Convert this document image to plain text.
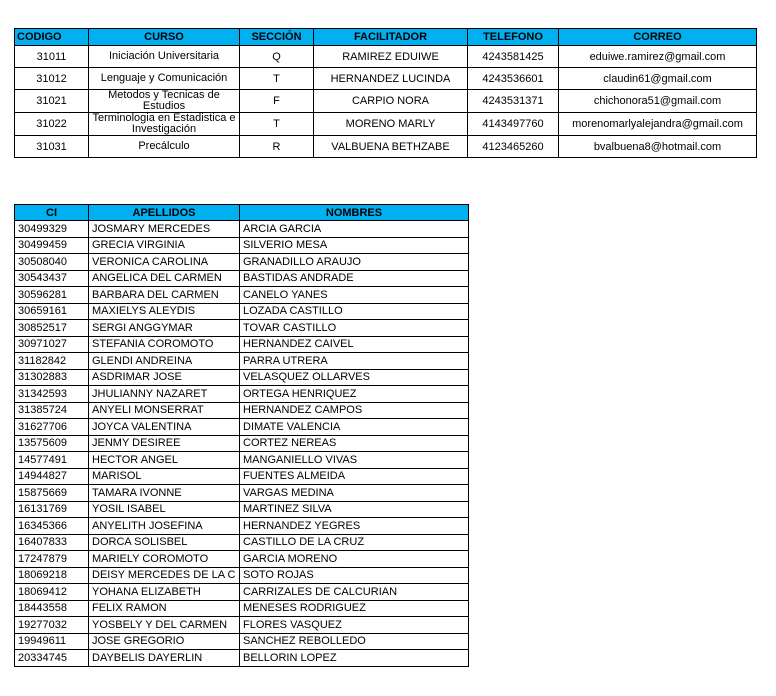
CODIGO	CURSO	SECCIÓN	FACILITADOR	TELEFONO	CORREO
31011	Iniciación Universitaria	Q	RAMIREZ EDUIWE	4243581425	eduiwe.ramirez@gmail.com
31012	Lenguaje y Comunicación	T	HERNANDEZ LUCINDA	4243536601	claudin61@gmail.com
31021	Metodos y Tecnicas de Estudios	F	CARPIO NORA	4243531371	chichonora51@gmail.com
31022	Terminologia en Estadistica e Investigación	T	MORENO MARLY	4143497760	morenomarlyalejandra@gmail.com
31031	Precálculo	R	VALBUENA BETHZABE	4123465260	bvalbuena8@hotmail.com
CI	APELLIDOS	NOMBRES
30499329	JOSMARY MERCEDES	ARCIA GARCIA
30499459	GRECIA VIRGINIA	SILVERIO MESA
30508040	VERONICA CAROLINA	GRANADILLO ARAUJO
30543437	ANGELICA DEL CARMEN	BASTIDAS ANDRADE
30596281	BARBARA DEL CARMEN	CANELO YANES
30659161	MAXIELYS ALEYDIS	LOZADA CASTILLO
30852517	SERGI ANGGYMAR	TOVAR CASTILLO
30971027	STEFANIA COROMOTO	HERNANDEZ CAIVEL
31182842	GLENDI ANDREINA	PARRA UTRERA
31302883	ASDRIMAR JOSE	VELASQUEZ OLLARVES
31342593	JHULIANNY NAZARET	ORTEGA HENRIQUEZ
31385724	ANYELI MONSERRAT	HERNANDEZ CAMPOS
31627706	JOYCA VALENTINA	DIMATE VALENCIA
13575609	JENMY DESIREE	CORTEZ NEREAS
14577491	HECTOR ANGEL	MANGANIELLO VIVAS
14944827	MARISOL	FUENTES ALMEIDA
15875669	TAMARA IVONNE	VARGAS MEDINA
16131769	YOSIL ISABEL	MARTINEZ SILVA
16345366	ANYELITH JOSEFINA	HERNANDEZ YEGRES
16407833	DORCA SOLISBEL	CASTILLO DE LA CRUZ
17247879	MARIELY COROMOTO	GARCIA MORENO
18069218	DEISY MERCEDES DE LA C	SOTO ROJAS
18069412	YOHANA ELIZABETH	CARRIZALES DE CALCURIAN
18443558	FELIX RAMON	MENESES RODRIGUEZ
19277032	YOSBELY Y DEL CARMEN	FLORES VASQUEZ
19949611	JOSE GREGORIO	SANCHEZ REBOLLEDO
20334745	DAYBELIS DAYERLIN	BELLORIN LOPEZ
